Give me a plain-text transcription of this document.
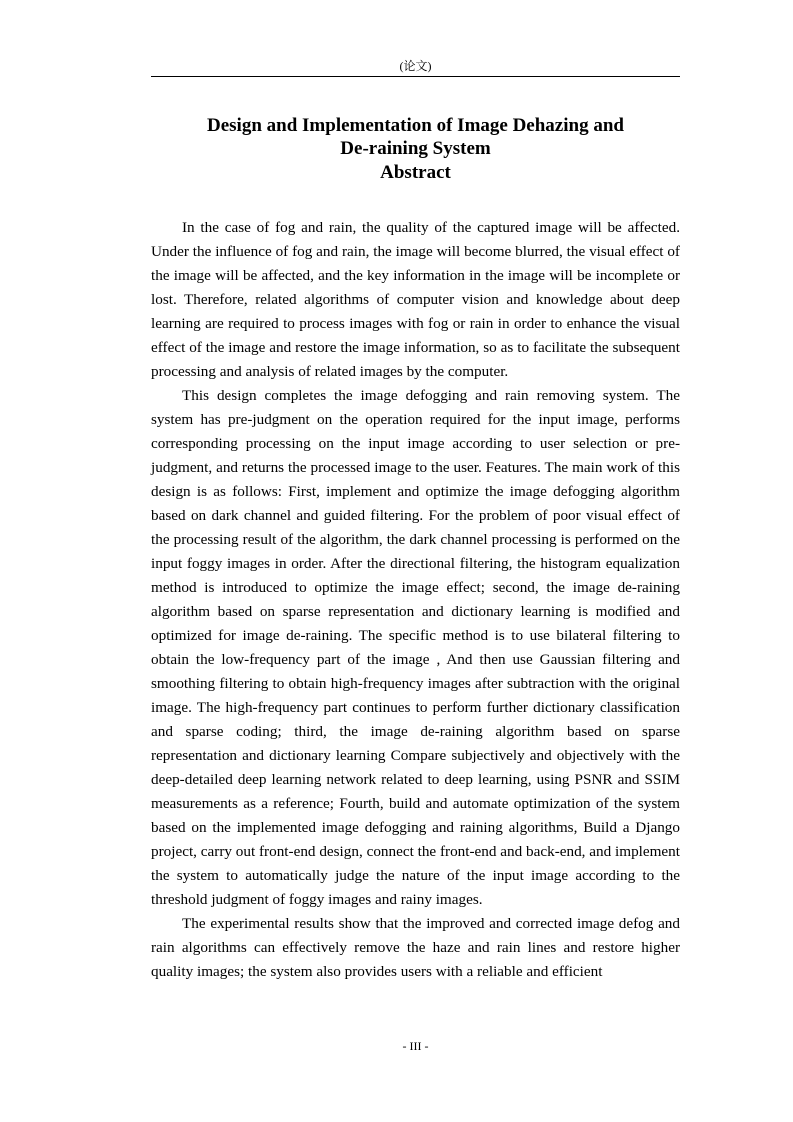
(论文)
Design and Implementation of Image Dehazing and
De-raining System
Abstract

In the case of fog and rain, the quality of the captured image will be affected. Under the influence of fog and rain, the image will become blurred, the visual effect of the image will be affected, and the key information in the image will be incomplete or lost. Therefore, related algorithms of computer vision and knowledge about deep learning are required to process images with fog or rain in order to enhance the visual effect of the image and restore the image information, so as to facilitate the subsequent processing and analysis of related images by the computer.

This design completes the image defogging and rain removing system. The system has pre-judgment on the operation required for the input image, performs corresponding processing on the input image according to user selection or pre-judgment, and returns the processed image to the user. Features. The main work of this design is as follows: First, implement and optimize the image defogging algorithm based on dark channel and guided filtering. For the problem of poor visual effect of the processing result of the algorithm, the dark channel processing is performed on the input foggy images in order. After the directional filtering, the histogram equalization method is introduced to optimize the image effect; second, the image de-raining algorithm based on sparse representation and dictionary learning is modified and optimized for image de-raining. The specific method is to use bilateral filtering to obtain the low-frequency part of the image , And then use Gaussian filtering and smoothing filtering to obtain high-frequency images after subtraction with the original image. The high-frequency part continues to perform further dictionary classification and sparse coding; third, the image de-raining algorithm based on sparse representation and dictionary learning Compare subjectively and objectively with the deep-detailed deep learning network related to deep learning, using PSNR and SSIM measurements as a reference; Fourth, build and automate optimization of the system based on the implemented image defogging and raining algorithms, Build a Django project, carry out front-end design, connect the front-end and back-end, and implement the system to automatically judge the nature of the input image according to the threshold judgment of foggy images and rainy images.

The experimental results show that the improved and corrected image defog and rain algorithms can effectively remove the haze and rain lines and restore higher quality images; the system also provides users with a reliable and efficient

- III -
